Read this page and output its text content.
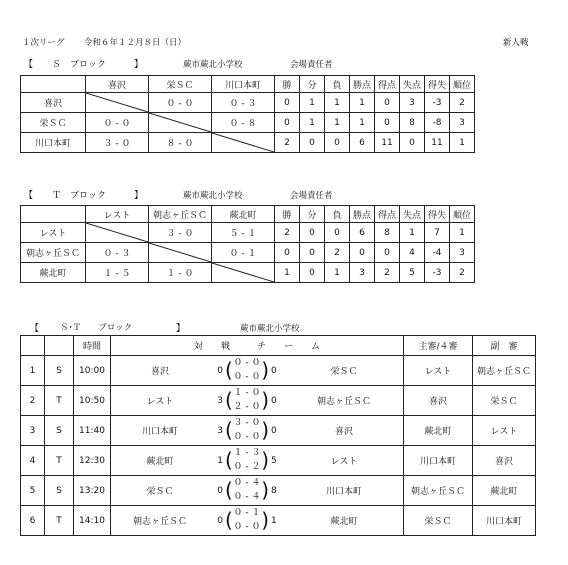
１次リーグ 令和６年１２月８日（日）	新人戦
【 Ｓ　ブロック	】	蕨市蕨北小学校	会場責任者
	喜沢	栄ＳＣ	川口本町	勝	分	負	勝点	得点	失点	得失	順位
喜沢		０ - ０	０ - ３	0	1	1	1	0	3	-3	2
栄ＳＣ	０ - ０		０ - ８	0	1	1	1	0	8	-8	3
川口本町	３ - ０	８ - ０		2	0	0	6	11	0	11	1
【 Ｔ　ブロック	】	蕨市蕨北小学校	会場責任者
	レスト	朝志ヶ丘ＳＣ	蕨北町	勝	分	負	勝点	得点	失点	得失	順位
レスト		３ - ０	５ - １	2	0	0	6	8	1	7	1
朝志ヶ丘ＳＣ	０ - ３		０ - １	0	0	2	0	0	4	-4	3
蕨北町	１ - ５	１ - ０		1	0	1	3	2	5	-3	2
【 Ｓ･Ｔ　　ブロック	】	蕨市蕨北小学校
		時間	対　　戦　　　チ　　ー　　ム					主審/４審	副　審
1	S	10:00	喜沢	0	( ０ - ０
０ - ０ )	0	栄ＳＣ	レスト	朝志ヶ丘ＳＣ
2	T	10:50	レスト	3	( １ - ０
２ - ０ )	0	朝志ヶ丘ＳＣ	喜沢	栄ＳＣ
3	S	11:40	川口本町	3	( ３ - ０
０ - ０ )	0	喜沢	蕨北町	レスト
4	T	12:30	蕨北町	1	( １ - ３
０ - ２ )	5	レスト	川口本町	喜沢
5	S	13:20	栄ＳＣ	0	( ０ - ４
０ - ４ )	8	川口本町	朝志ヶ丘ＳＣ	蕨北町
6	T	14:10	朝志ヶ丘ＳＣ	0	( ０ - １
０ - ０ )	1	蕨北町	栄ＳＣ	川口本町
